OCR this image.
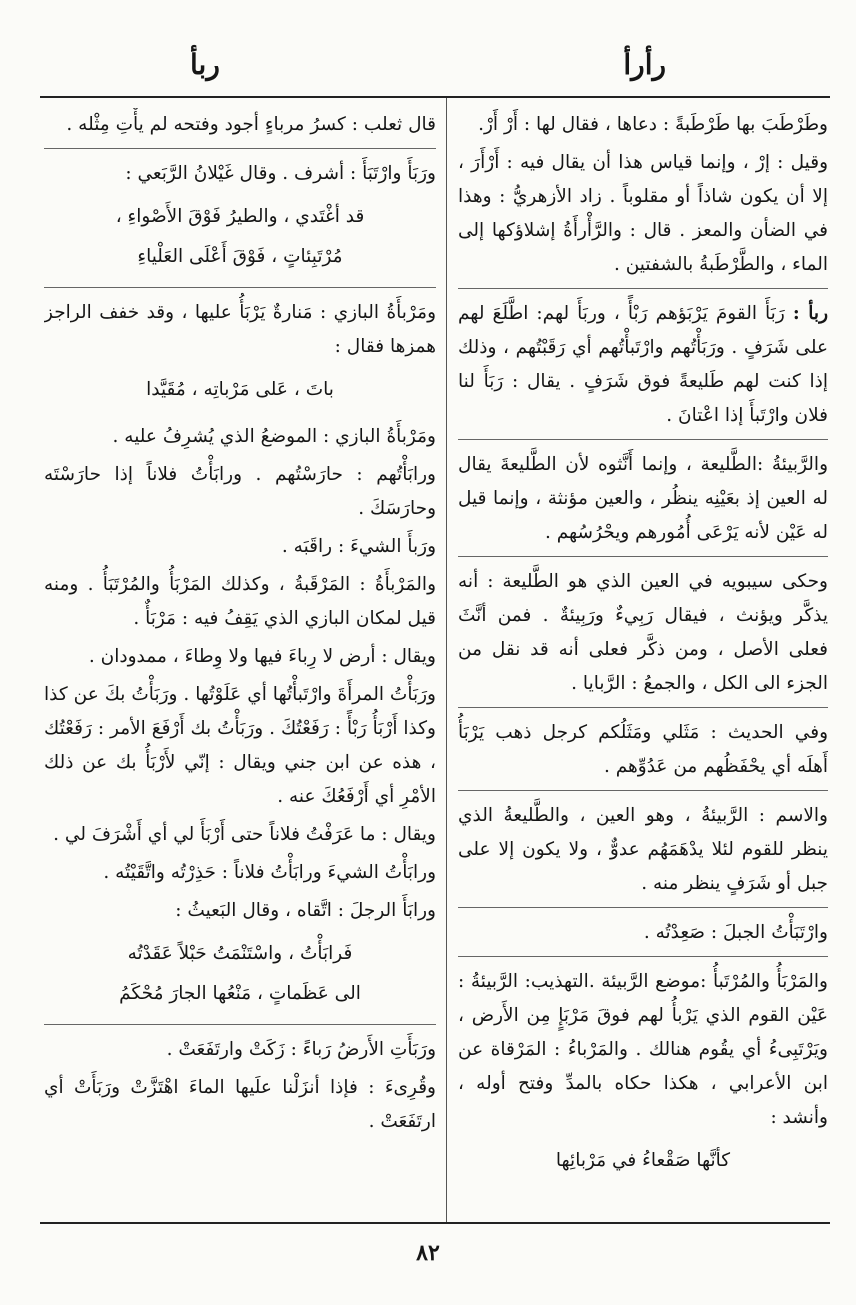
رأرأ
ربأ

وطَرْطَبَ بها طَرْطَبةً : دعاها ، فقال لها : أَرْ أَرْ.

وقيل : إرْ ، وإنما قياس هذا أن يقال فيه : أَرْأَرَ ، إلا أن يكون شاذاً أو مقلوباً . زاد الأزهريُّ : وهذا في الضأن والمعز . قال : والرَّأْرأَةُ إشلاؤكها إلى الماء ، والطَّرْطَبةُ بالشفتين .

ربأ : رَبَأَ القومَ يَرْبَؤهم رَبْأً ، وربَأَ لهم: اطَّلَعَ لهم على شَرَفٍ . ورَبَأْتُهم وارْتَبأْتُهم أي رَقَبْتُهم ، وذلك إذا كنت لهم طَليعةً فوق شَرَفٍ . يقال : رَبَأَ لنا فلان وارْتَبأَ إذا اعْتانَ .

والرَّبيئةُ :الطَّليعة ، وإنما أَنَّثوه لأن الطَّليعةَ يقال له العين إذ بعَيْنِه ينظُر ، والعين مؤنثة ، وإنما قيل له عَيْن لأنه يَرْعَى أُمُورهم ويحْرُسُهم .

وحكى سيبويه في العين الذي هو الطَّليعة : أنه يذكَّر ويؤنث ، فيقال رَبِيءٌ ورَبِيئةٌ . فمن أنَّثَ فعلى الأصل ، ومن ذكَّر فعلى أنه قد نقل من الجزء الى الكل ، والجمعُ : الرَّبايا .

وفي الحديث : مَثَلي ومَثَلُكم كرجل ذهب يَرْبَأُ أَهلَه أي يحْفَظُهم من عَدُوِّهم .

والاسم : الرَّبيئةُ ، وهو العين ، والطَّليعةُ الذي ينظر للقوم لئلا يدْهَمَهُم عدوٌّ ، ولا يكون إلا على جبل أو شَرَفٍ ينظر منه .

وارْتَبَأْتُ الجبلَ : صَعِدْتُه .

والمَرْبَأُ والمُرْتَبأُ :موضع الرَّبيئة .التهذيب: الرَّبيئةُ : عَيْن القوم الذي يَرْبأُ لهم فوقَ مَرْبَإٍ مِن الأَرض ، ويَرْتَبِىءُ أي يقُوم هنالك . والمَرْباءُ : المَرْقاة عن ابن الأعرابي ، هكذا حكاه بالمدِّ وفتح أوله ، وأنشد :

كأنَّها صَقْعاءُ في مَرْبائِها

قال ثعلب : كسرُ مرباءٍ أجود وفتحه لم يأْتِ مِثْله .

ورَبَأَ وارْتَبَأَ : أشرف . وقال غَيْلانُ الرَّبَعي :

قد أغْتَدي ، والطيرُ فَوْقَ الأَصْواءِ ،
مُرْتَبِئاتٍ ، فَوْقَ أَعْلَى العَلْياءِ

ومَرْبأَةُ البازي : مَنارةٌ يَرْبَأُ عليها ، وقد خفف الراجز همزها فقال :

باتَ ، عَلى مَرْباتِه ، مُقَيَّدا

ومَرْبأَةُ البازي : الموضعُ الذي يُشرِفُ عليه .

ورابَأْتُهم : حارَسْتُهم . ورابَأْتُ فلاناً إذا حارَسْتَه وحارَسَكَ .

ورَبأَ الشيءَ : راقَبَه .

والمَرْبأَةُ : المَرْقَبةُ ، وكذلك المَرْبَأُ والمُرْتَبَأُ . ومنه قيل لمكان البازي الذي يَقِفُ فيه : مَرْبَأٌ .

ويقال : أرض لا رِباءَ فيها ولا وِطاءَ ، ممدودان .

ورَبَأْتُ المرأَةَ وارْتَبأْتُها أي عَلَوْتُها . ورَبَأْتُ بكَ عن كذا وكذا أَرْبَأُ رَبْأً : رَفَعْتُكَ . ورَبَأْتُ بك أَرْفَعَ الأمر : رَفَعْتُك ، هذه عن ابن جني ويقال : إنّي لأَرْبَأُ بك عن ذلك الأمْرِ أي أَرْفَعُكَ عنه .

ويقال : ما عَرَفْتُ فلاناً حتى أَرْبَأَ لي أي أَشْرَفَ لي .

ورابَأْتُ الشيءَ ورابَأْتُ فلاناً : حَذِرْتُه واتَّقَيْتُه .

ورابَأَ الرجلَ : اتَّقاه ، وقال البَعيثُ :

فَرابَأْتُ ، واسْتَنْمَتُ حَبْلاً عَقَدْتُه
الى عَظَماتٍ ، مَنْعُها الجارَ مُحْكَمُ

ورَبَأَتِ الأَرضُ رَباءً : زَكَتْ وارتَفَعَتْ .

وقُرِىءَ : فإذا أنزَلْنا علَيها الماءَ اهْتَزَّتْ ورَبَأَتْ أي ارتَفَعَتْ .

٨٢
